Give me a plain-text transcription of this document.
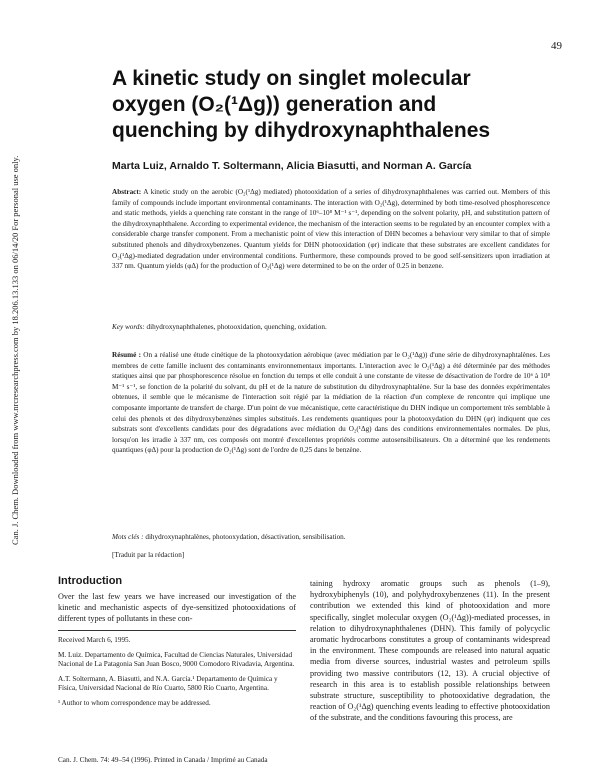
49
A kinetic study on singlet molecular oxygen (O₂(¹Δg)) generation and quenching by dihydroxynaphthalenes
Marta Luiz, Arnaldo T. Soltermann, Alicia Biasutti, and Norman A. García
Abstract: A kinetic study on the aerobic (O₂(¹Δg) mediated) photooxidation of a series of dihydroxynaphthalenes was carried out. Members of this family of compounds include important environmental contaminants. The interaction with O₂(¹Δg), determined by both time-resolved phosphorescence and static methods, yields a quenching rate constant in the range of 10⁶–10⁸ M⁻¹ s⁻¹, depending on the solvent polarity, pH, and substitution pattern of the dihydroxynaphthalene. According to experimental evidence, the mechanism of the interaction seems to be regulated by an encounter complex with a considerable charge transfer component. From a mechanistic point of view this interaction of DHN becomes a behaviour very similar to that of simple substituted phenols and dihydroxybenzenes. Quantum yields for DHN photooxidation (φr) indicate that these substrates are excellent candidates for O₂(¹Δg)-mediated degradation under environmental conditions. Furthermore, these compounds proved to be good self-sensitizers upon irradiation at 337 nm. Quantum yields (φΔ) for the production of O₂(¹Δg) were determined to be on the order of 0.25 in benzene.
Key words: dihydroxynaphthalenes, photooxidation, quenching, oxidation.
Résumé : On a réalisé une étude cinétique de la photooxydation aérobique (avec médiation par le O₂(¹Δg)) d'une série de dihydroxynaphtalènes. Les membres de cette famille incluent des contaminants environnementaux importants. L'interaction avec le O₂(¹Δg) a été déterminée par des méthodes statiques ainsi que par phosphorescence résolue en fonction du temps et elle conduit à une constante de vitesse de désactivation de l'ordre de 10⁶ à 10⁸ M⁻¹ s⁻¹, se fonction de la polarité du solvant, du pH et de la nature de substitution du dihydroxynaphtalène. Sur la base des données expérimentales obtenues, il semble que le mécanisme de l'interaction soit régié par la médiation de la réaction d'un complexe de rencontre qui implique une composante importante de transfert de charge. D'un point de vue mécanistique, cette caractéristique du DHN indique un comportement très semblable à celui des phenols et des dihydroxybenzènes simples substitués. Les rendements quantiques pour la photooxydation du DHN (φr) indiquent que ces substrats sont d'excellents candidats pour des dégradations avec médiation du O₂(¹Δg) dans des conditions environnementales normales. De plus, lorsqu'on les irradie à 337 nm, ces composés ont montré d'excellentes propriétés comme autosensibilisateurs. On a déterminé que les rendements quantiques (φΔ) pour la production de O₂(¹Δg) sont de l'ordre de 0,25 dans le benzène.
Mots clés : dihydroxynaphtalènes, photooxydation, désactivation, sensibilisation.
[Traduit par la rédaction]
Can. J. Chem. Downloaded from www.nrcresearchpress.com by 18.206.13.133 on 06/14/20 For personal use only.
Introduction
Over the last few years we have increased our investigation of the kinetic and mechanistic aspects of dye-sensitized photooxidations of different types of pollutants in these con-
taining hydroxy aromatic groups such as phenols (1–9), hydroxybiphenyls (10), and polyhydroxybenzenes (11). In the present contribution we extended this kind of photooxidation and more specifically, singlet molecular oxygen (O₂(¹Δg))-mediated processes, in relation to dihydroxynaphthalenes (DHN). This family of polycyclic aromatic hydrocarbons constitutes a group of contaminants widespread in the environment. These compounds are released into natural aquatic media from diverse sources, industrial wastes and petroleum spills providing two massive contributors (12, 13). A crucial objective of research in this area is to establish possible relationships between substrate structure, susceptibility to photooxidative degradation, the reaction of O₂(¹Δg) quenching events leading to effective photooxidation of the substrate, and the conditions favouring this process, are

Received March 6, 1995.

M. Luiz. Departamento de Química, Facultad de Ciencias Naturales, Universidad Nacional de La Patagonia San Juan Bosco, 9000 Comodoro Rivadavia, Argentina.

A.T. Soltermann, A. Biasutti, and N.A. García.¹ Departamento de Química y Física, Universidad Nacional de Río Cuarto, 5800 Río Cuarto, Argentina.

¹ Author to whom correspondence may be addressed.

Can. J. Chem. 74: 49–54 (1996). Printed in Canada / Imprimé au Canada
